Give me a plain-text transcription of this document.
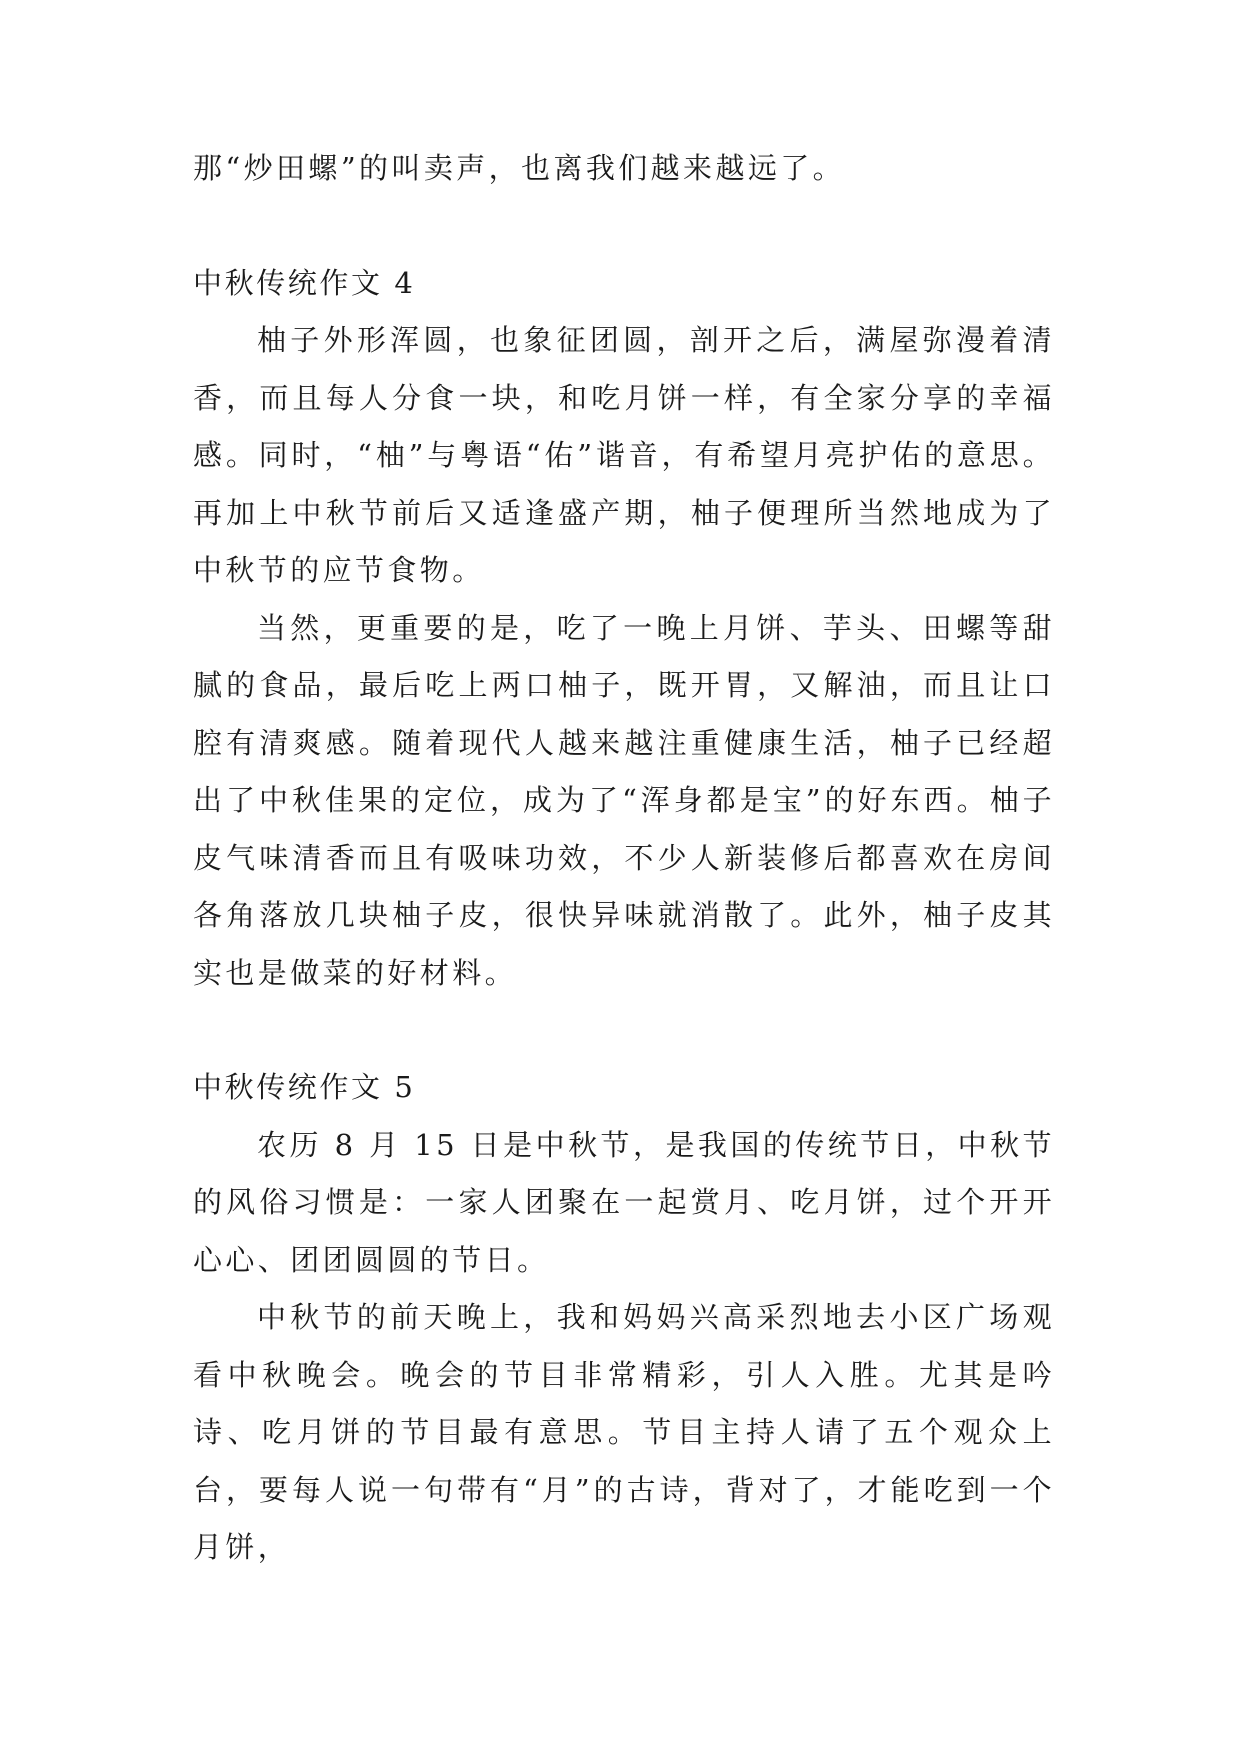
那“炒田螺”的叫卖声，也离我们越来越远了。

中秋传统作文 4

柚子外形浑圆，也象征团圆，剖开之后，满屋弥漫着清香，而且每人分食一块，和吃月饼一样，有全家分享的幸福感。同时，“柚”与粤语“佑”谐音，有希望月亮护佑的意思。再加上中秋节前后又适逢盛产期，柚子便理所当然地成为了中秋节的应节食物。

当然，更重要的是，吃了一晚上月饼、芋头、田螺等甜腻的食品，最后吃上两口柚子，既开胃，又解油，而且让口腔有清爽感。随着现代人越来越注重健康生活，柚子已经超出了中秋佳果的定位，成为了“浑身都是宝”的好东西。柚子皮气味清香而且有吸味功效，不少人新装修后都喜欢在房间各角落放几块柚子皮，很快异味就消散了。此外，柚子皮其实也是做菜的好材料。

中秋传统作文 5

农历 8 月 15 日是中秋节，是我国的传统节日，中秋节的风俗习惯是：一家人团聚在一起赏月、吃月饼，过个开开心心、团团圆圆的节日。

中秋节的前天晚上，我和妈妈兴高采烈地去小区广场观看中秋晚会。晚会的节目非常精彩，引人入胜。尤其是吟诗、吃月饼的节目最有意思。节目主持人请了五个观众上台，要每人说一句带有“月”的古诗，背对了，才能吃到一个月饼，
